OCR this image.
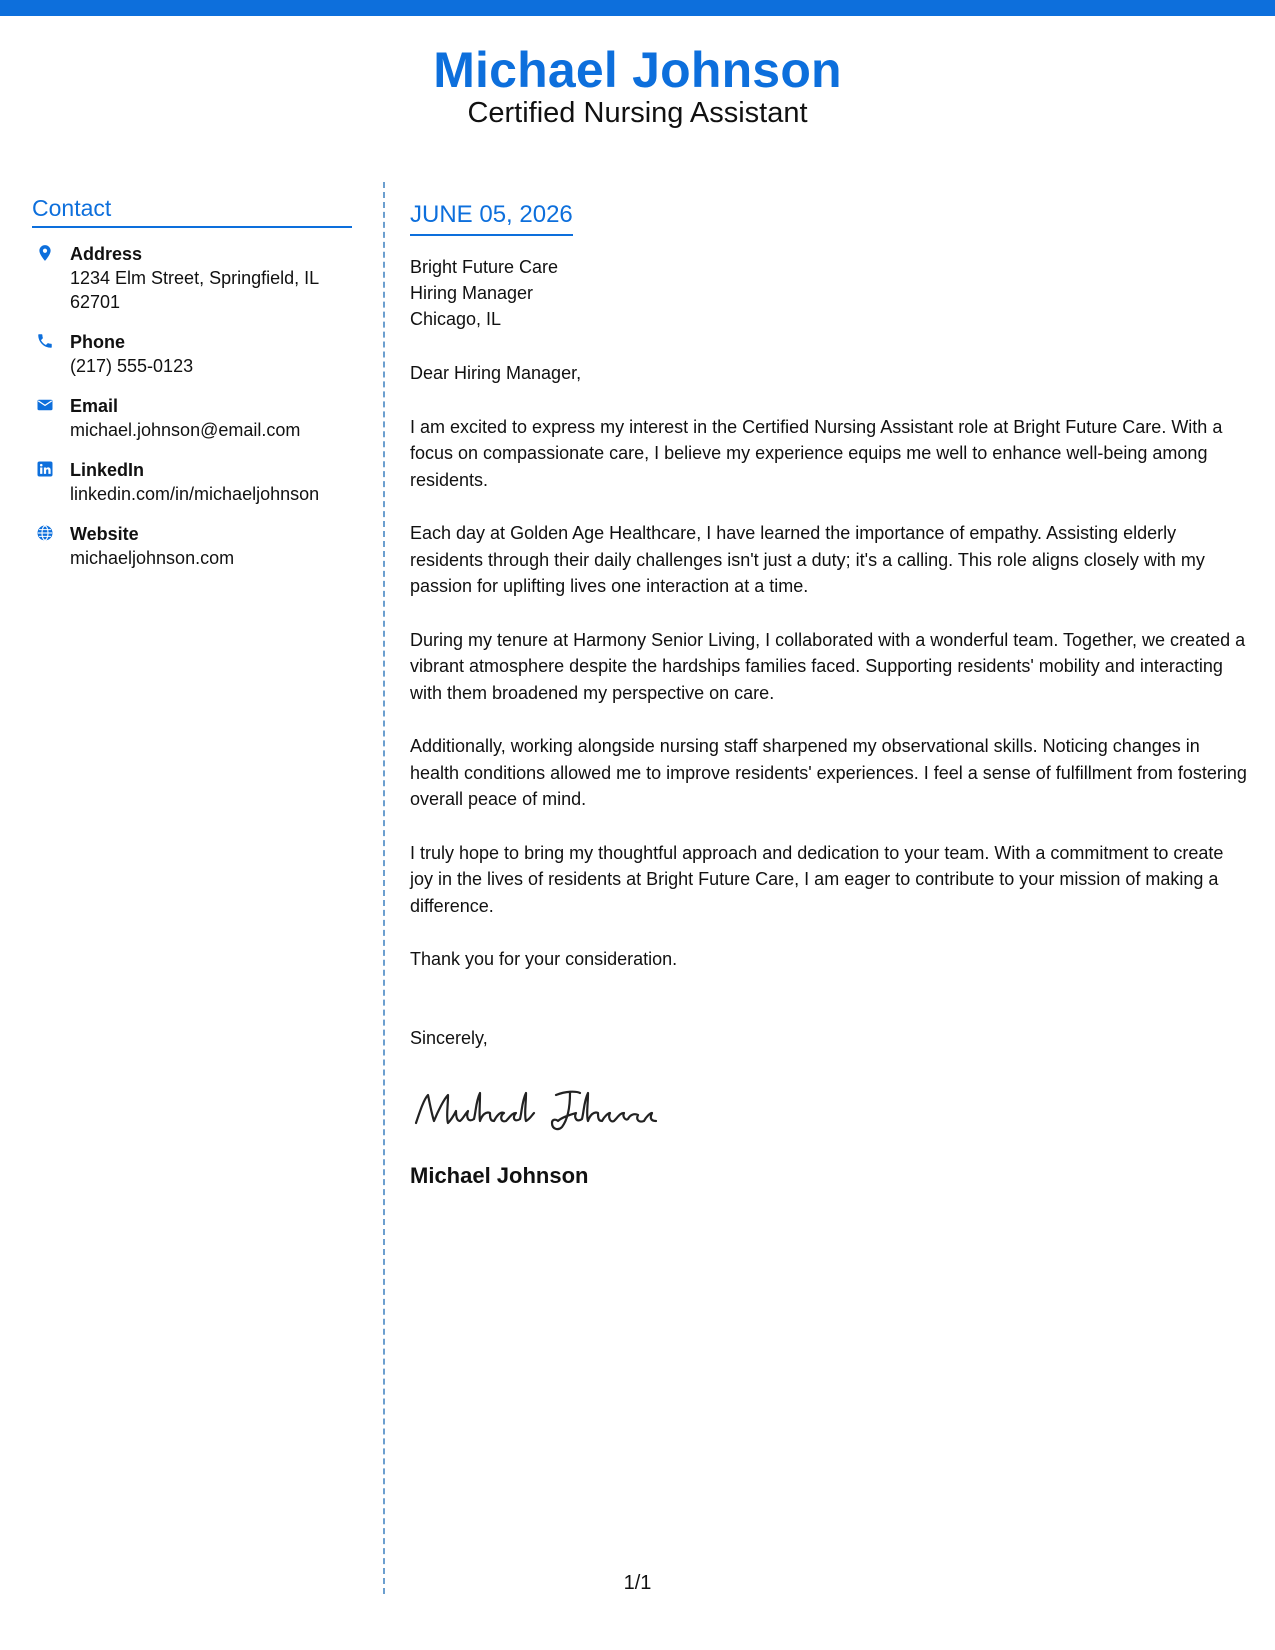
Michael Johnson
Certified Nursing Assistant
Contact
Address
1234 Elm Street, Springfield, IL 62701
Phone
(217) 555-0123
Email
michael.johnson@email.com
LinkedIn
linkedin.com/in/michaeljohnson
Website
michaeljohnson.com
JUNE 05, 2026
Bright Future Care
Hiring Manager
Chicago, IL
Dear Hiring Manager,
I am excited to express my interest in the Certified Nursing Assistant role at Bright Future Care. With a focus on compassionate care, I believe my experience equips me well to enhance well-being among residents.
Each day at Golden Age Healthcare, I have learned the importance of empathy. Assisting elderly residents through their daily challenges isn't just a duty; it's a calling. This role aligns closely with my passion for uplifting lives one interaction at a time.
During my tenure at Harmony Senior Living, I collaborated with a wonderful team. Together, we created a vibrant atmosphere despite the hardships families faced. Supporting residents' mobility and interacting with them broadened my perspective on care.
Additionally, working alongside nursing staff sharpened my observational skills. Noticing changes in health conditions allowed me to improve residents' experiences. I feel a sense of fulfillment from fostering overall peace of mind.
I truly hope to bring my thoughtful approach and dedication to your team. With a commitment to create joy in the lives of residents at Bright Future Care, I am eager to contribute to your mission of making a difference.
Thank you for your consideration.
Sincerely,
Michael Johnson
1/1
